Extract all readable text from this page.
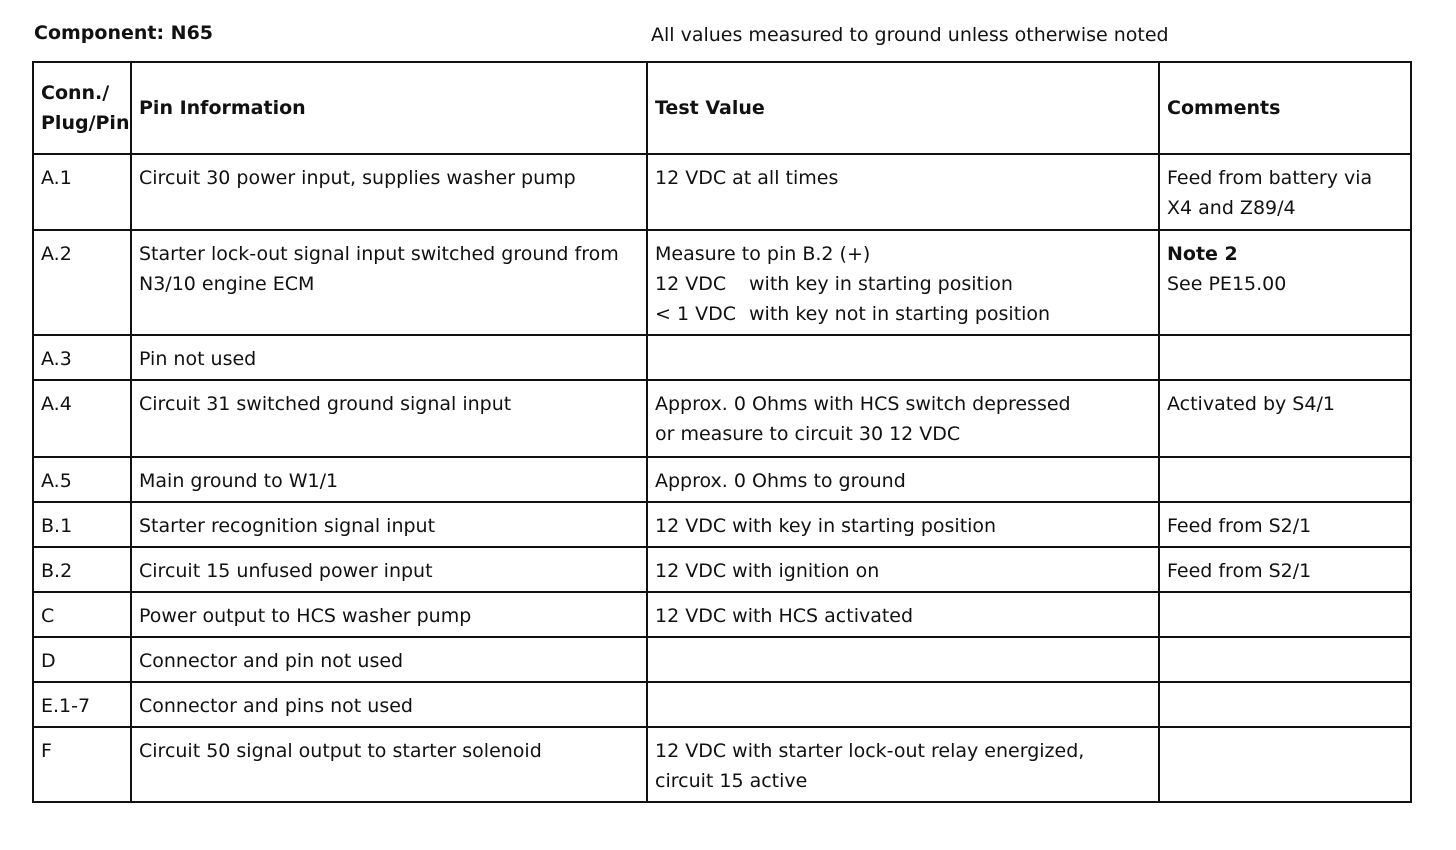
Component: N65	All values measured to ground unless otherwise noted
Conn./ Plug/Pin	Pin Information	Test Value	Comments
A.1	Circuit 30 power input, supplies washer pump	12 VDC at all times	Feed from battery via X4 and Z89/4

A.2	Starter lock-out signal input switched ground from N3/10 engine ECM	Measure to pin B.2 (+)
12 VDC with key in starting position
< 1 VDC with key not in starting position	Note 2
See PE15.00

A.3	Pin not used		
A.4	Circuit 31 switched ground signal input	Approx. 0 Ohms with HCS switch depressed
or measure to circuit 30 12 VDC	Activated by S4/1

A.5	Main ground to W1/1	Approx. 0 Ohms to ground	

B.1	Starter recognition signal input	12 VDC with key in starting position	Feed from S2/1

B.2	Circuit 15 unfused power input	12 VDC with ignition on	Feed from S2/1

C	Power output to HCS washer pump	12 VDC with HCS activated	

D	Connector and pin not used		
E.1-7	Connector and pins not used		
F	Circuit 50 signal output to starter solenoid	12 VDC with starter lock-out relay energized,
circuit 15 active	
